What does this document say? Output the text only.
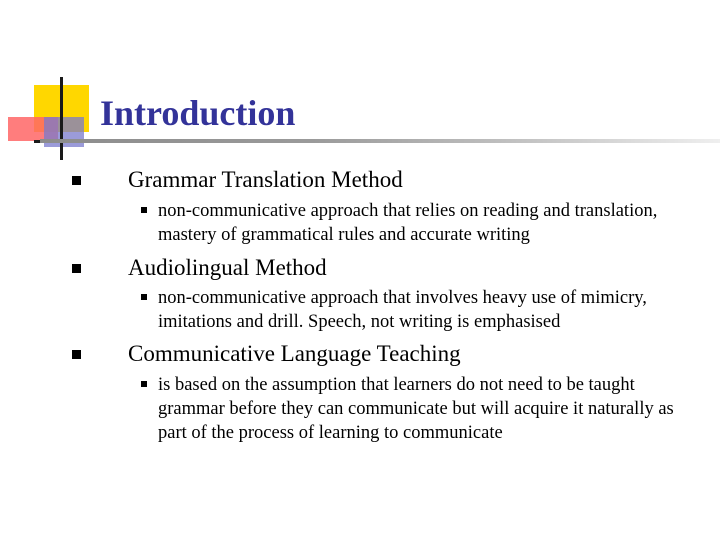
Introduction
Grammar Translation Method
non-communicative approach that relies on reading and translation, mastery of grammatical rules and accurate writing
Audiolingual Method
non-communicative approach that involves heavy use of mimicry, imitations and drill. Speech, not writing is emphasised
Communicative Language Teaching
is based on the assumption that learners do not need to be taught grammar before they can communicate but will acquire it naturally as part of the process of learning to communicate
